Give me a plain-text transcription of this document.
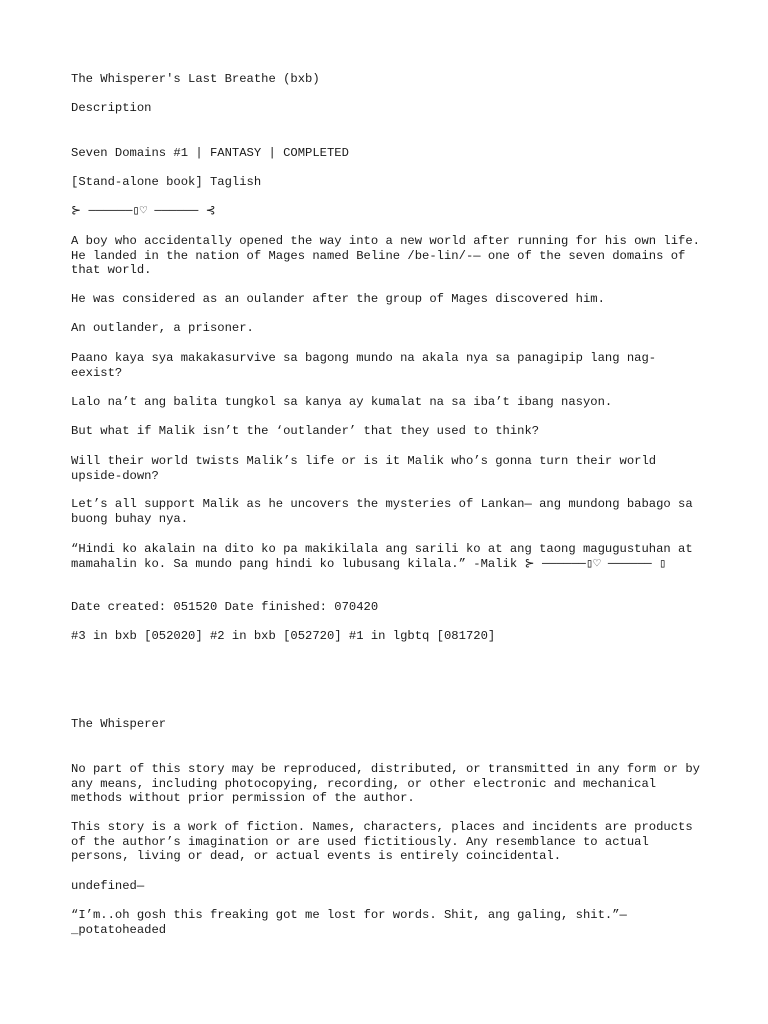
The Whisperer's Last Breathe (bxb)

Description

Seven Domains #1 | FANTASY | COMPLETED

[Stand-alone book] Taglish

⊱ ──────▯♡ ────── ⊰

A boy who accidentally opened the way into a new world after running for his own life. He landed in the nation of Mages named Beline /be-lin/-— one of the seven domains of that world.

He was considered as an oulander after the group of Mages discovered him.

An outlander, a prisoner.

Paano kaya sya makakasurvive sa bagong mundo na akala nya sa panagipip lang nag-eexist?

Lalo na’t ang balita tungkol sa kanya ay kumalat na sa iba’t ibang nasyon.

But what if Malik isn’t the ‘outlander’ that they used to think?

Will their world twists Malik’s life or is it Malik who’s gonna turn their world upside-down?

Let’s all support Malik as he uncovers the mysteries of Lankan— ang mundong babago sa buong buhay nya.

“Hindi ko akalain na dito ko pa makikilala ang sarili ko at ang taong magugustuhan at mamahalin ko. Sa mundo pang hindi ko lubusang kilala.” -Malik ⊱ ──────▯♡ ────── ▯

Date created: 051520 Date finished: 070420

#3 in bxb [052020] #2 in bxb [052720] #1 in lgbtq [081720]

The Whisperer

No part of this story may be reproduced, distributed, or transmitted in any form or by any means, including photocopying, recording, or other electronic and mechanical methods without prior permission of the author.

This story is a work of fiction. Names, characters, places and incidents are products of the author’s imagination or are used fictitiously. Any resemblance to actual persons, living or dead, or actual events is entirely coincidental.

undefined—

“I’m..oh gosh this freaking got me lost for words. Shit, ang galing, shit.”— _potatoheaded
